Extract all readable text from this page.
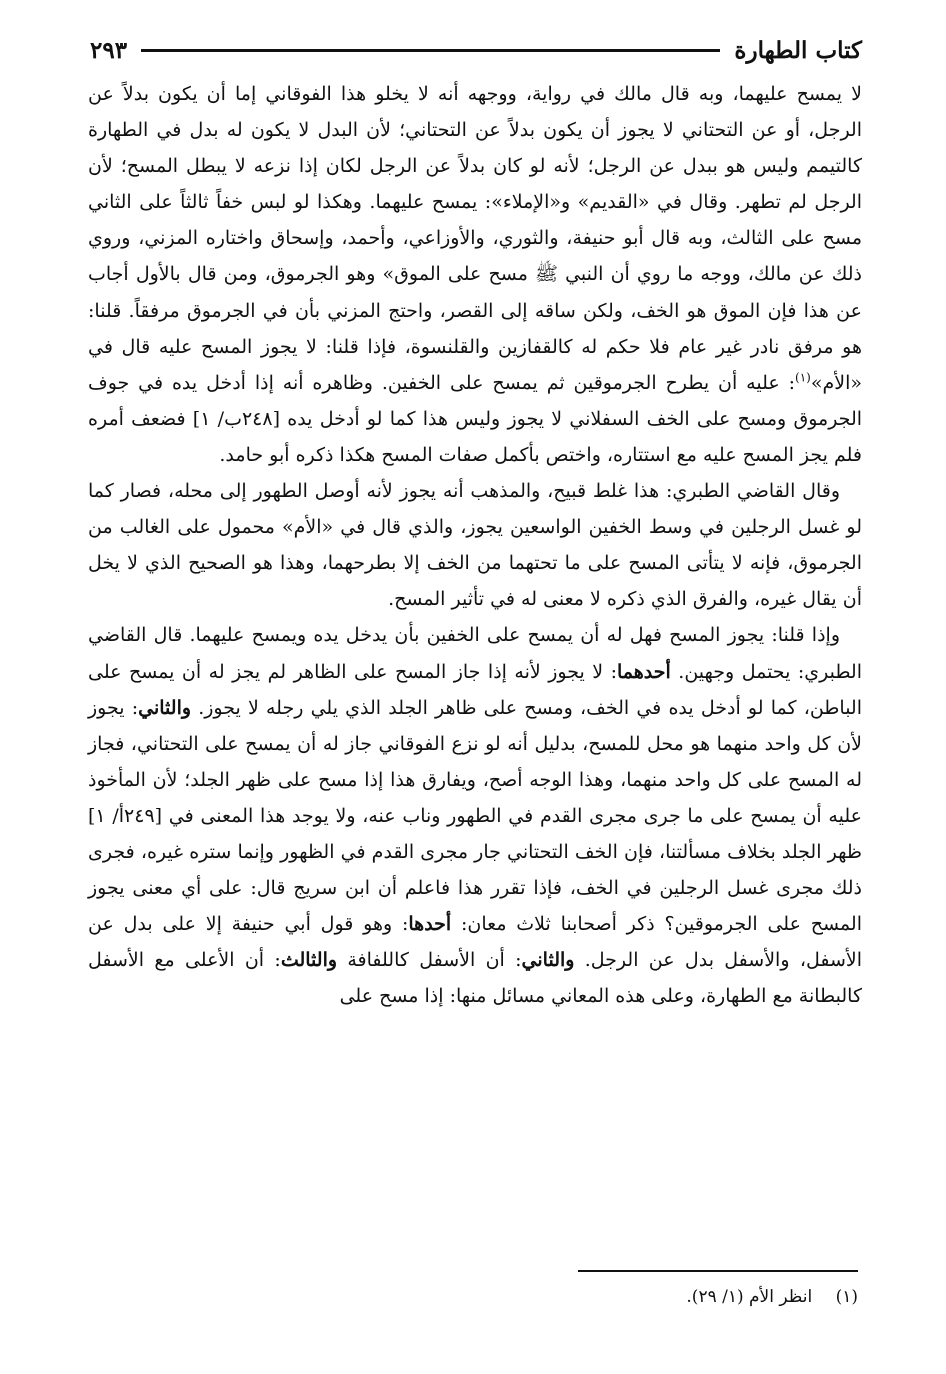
كتاب الطهارة
٢٩٣

لا يمسح عليهما، وبه قال مالك في رواية، ووجهه أنه لا يخلو هذا الفوقاني إما أن يكون بدلاً عن الرجل، أو عن التحتاني لا يجوز أن يكون بدلاً عن التحتاني؛ لأن البدل لا يكون له بدل في الطهارة كالتيمم وليس هو ببدل عن الرجل؛ لأنه لو كان بدلاً عن الرجل لكان إذا نزعه لا يبطل المسح؛ لأن الرجل لم تطهر. وقال في «القديم» و«الإملاء»: يمسح عليهما. وهكذا لو لبس خفاً ثالثاً على الثاني مسح على الثالث، وبه قال أبو حنيفة، والثوري، والأوزاعي، وأحمد، وإسحاق واختاره المزني، وروي ذلك عن مالك، ووجه ما روي أن النبي ﷺ مسح على الموق» وهو الجرموق، ومن قال بالأول أجاب عن هذا فإن الموق هو الخف، ولكن ساقه إلى القصر، واحتج المزني بأن في الجرموق مرفقاً. قلنا: هو مرفق نادر غير عام فلا حكم له كالقفازين والقلنسوة، فإذا قلنا: لا يجوز المسح عليه قال في «الأم»$^{(١)}$: عليه أن يطرح الجرموقين ثم يمسح على الخفين. وظاهره أنه إذا أدخل يده في جوف الجرموق ومسح على الخف السفلاني لا يجوز وليس هذا كما لو أدخل يده [٢٤٨ب/ ١] فضعف أمره فلم يجز المسح عليه مع استتاره، واختص بأكمل صفات المسح هكذا ذكره أبو حامد.

وقال القاضي الطبري: هذا غلط قبيح، والمذهب أنه يجوز لأنه أوصل الطهور إلى محله، فصار كما لو غسل الرجلين في وسط الخفين الواسعين يجوز، والذي قال في «الأم» محمول على الغالب من الجرموق، فإنه لا يتأتى المسح على ما تحتهما من الخف إلا بطرحهما، وهذا هو الصحيح الذي لا يخل أن يقال غيره، والفرق الذي ذكره لا معنى له في تأثير المسح.

وإذا قلنا: يجوز المسح فهل له أن يمسح على الخفين بأن يدخل يده ويمسح عليهما. قال القاضي الطبري: يحتمل وجهين. أحدهما: لا يجوز لأنه إذا جاز المسح على الظاهر لم يجز له أن يمسح على الباطن، كما لو أدخل يده في الخف، ومسح على ظاهر الجلد الذي يلي رجله لا يجوز. والثاني: يجوز لأن كل واحد منهما هو محل للمسح، بدليل أنه لو نزع الفوقاني جاز له أن يمسح على التحتاني، فجاز له المسح على كل واحد منهما، وهذا الوجه أصح، ويفارق هذا إذا مسح على ظهر الجلد؛ لأن المأخوذ عليه أن يمسح على ما جرى مجرى القدم في الطهور وناب عنه، ولا يوجد هذا المعنى في [٢٤٩أ/ ١] ظهر الجلد بخلاف مسألتنا، فإن الخف التحتاني جار مجرى القدم في الظهور وإنما ستره غيره، فجرى ذلك مجرى غسل الرجلين في الخف، فإذا تقرر هذا فاعلم أن ابن سريج قال: على أي معنى يجوز المسح على الجرموقين؟ ذكر أصحابنا ثلاث معان: أحدها: وهو قول أبي حنيفة إلا على بدل عن الأسفل، والأسفل بدل عن الرجل. والثاني: أن الأسفل كاللفافة والثالث: أن الأعلى مع الأسفل كالبطانة مع الطهارة، وعلى هذه المعاني مسائل منها: إذا مسح على

(١) انظر الأم (١/ ٢٩).
